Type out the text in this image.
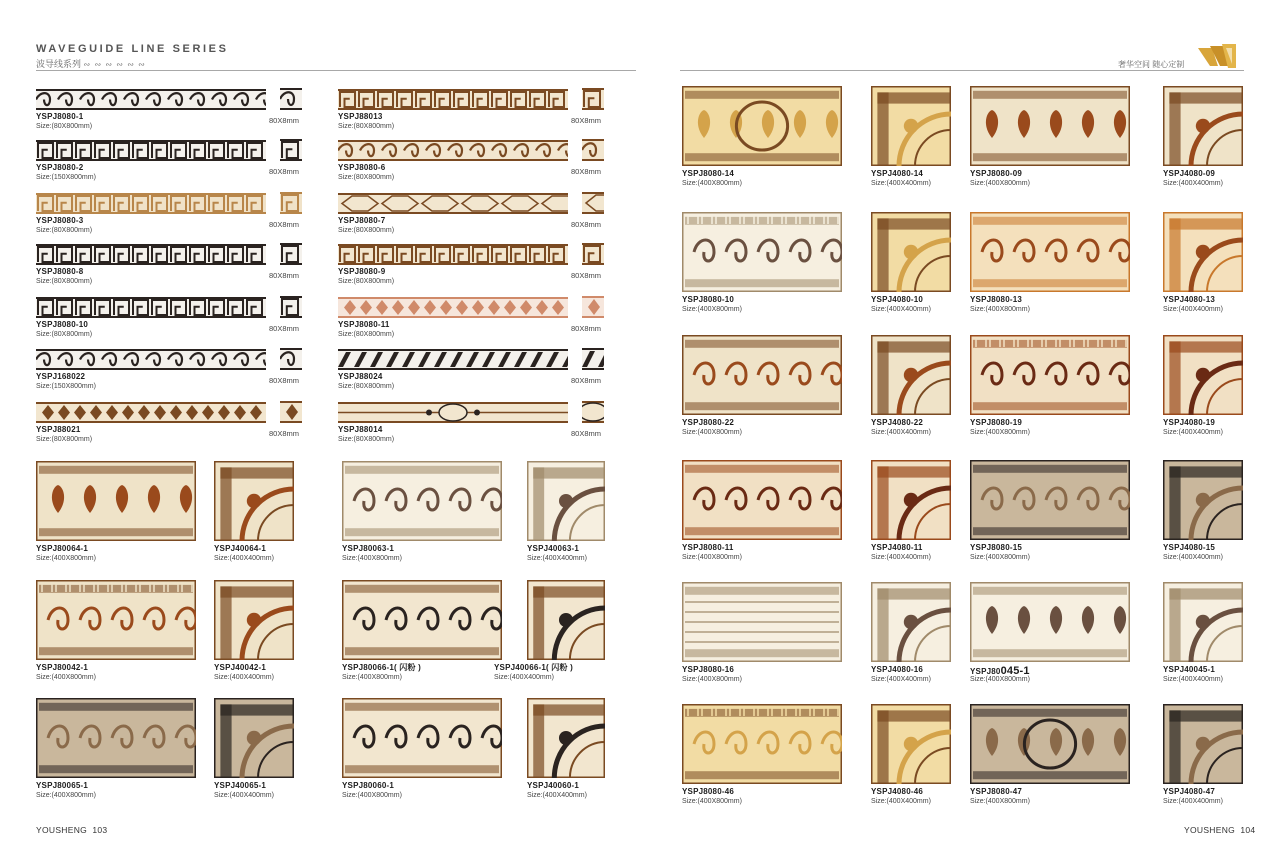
WAVEGUIDE LINE SERIES
波导线系列 ∾ ∾ ∾ ∾ ∾ ∾	奢华空间 随心定制
YSPJ8080-1
Size:(80X800mm)
80X8mm
YSPJ8080-2
Size:(150X800mm)
80X8mm
YSPJ8080-3
Size:(80X800mm)
80X8mm
YSPJ8080-8
Size:(80X800mm)
80X8mm
YSPJ8080-10
Size:(80X800mm)
80X8mm
YSPJ168022
Size:(150X800mm)
80X8mm
YSPJ88021
Size:(80X800mm)
80X8mm
YSPJ88013
Size:(80X800mm)
80X8mm
YSPJ8080-6
Size:(80X800mm)
80X8mm
YSPJ8080-7
Size:(80X800mm)
80X8mm
YSPJ8080-9
Size:(80X800mm)
80X8mm
YSPJ8080-11
Size:(80X800mm)
80X8mm
YSPJ88024
Size:(80X800mm)
80X8mm
YSPJ88014
Size:(80X800mm)
80X8mm
YSPJ80064-1
Size:(400X800mm)
YSPJ40064-1
Size:(400X400mm)
YSPJ80063-1
Size:(400X800mm)
YSPJ40063-1
Size:(400X400mm)
YSPJ80042-1
Size:(400X800mm)
YSPJ40042-1
Size:(400X400mm)
YSPJ80066-1( 闪粉 )
Size:(400X800mm)
YSPJ40066-1( 闪粉 )
Size:(400X400mm)
YSPJ80065-1
Size:(400X800mm)
YSPJ40065-1
Size:(400X400mm)
YSPJ80060-1
Size:(400X800mm)
YSPJ40060-1
Size:(400X400mm)
YSPJ8080-14
Size:(400X800mm)
YSPJ4080-14
Size:(400X400mm)
YSPJ8080-09
Size:(400X800mm)
YSPJ4080-09
Size:(400X400mm)
YSPJ8080-10
Size:(400X800mm)
YSPJ4080-10
Size:(400X400mm)
YSPJ8080-13
Size:(400X800mm)
YSPJ4080-13
Size:(400X400mm)
YSPJ8080-22
Size:(400X800mm)
YSPJ4080-22
Size:(400X400mm)
YSPJ8080-19
Size:(400X800mm)
YSPJ4080-19
Size:(400X400mm)
YSPJ8080-11
Size:(400X800mm)
YSPJ4080-11
Size:(400X400mm)
YSPJ8080-15
Size:(400X800mm)
YSPJ4080-15
Size:(400X400mm)
YSPJ8080-16
Size:(400X800mm)
YSPJ4080-16
Size:(400X400mm)
YSPJ80045-1
Size:(400X800mm)
YSPJ40045-1
Size:(400X400mm)
YSPJ8080-46
Size:(400X800mm)
YSPJ4080-46
Size:(400X400mm)
YSPJ8080-47
Size:(400X800mm)
YSPJ4080-47
Size:(400X400mm)
YOUSHENG 103	YOUSHENG 104
